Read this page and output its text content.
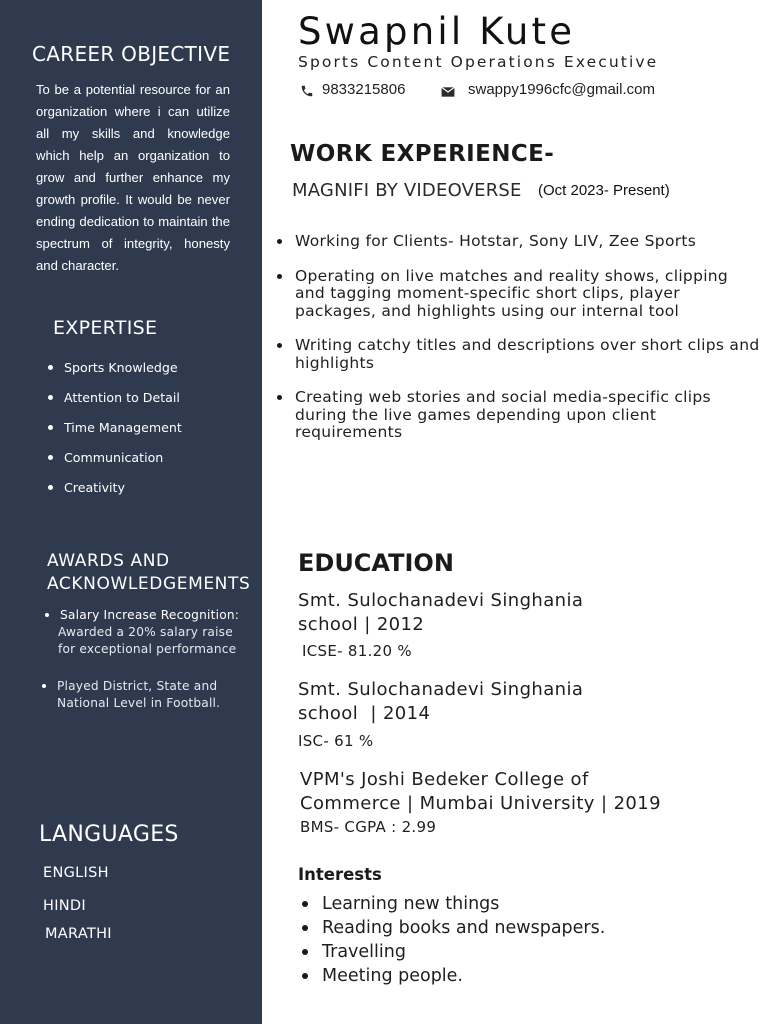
CAREER OBJECTIVE

To be a potential resource for an organization where i can utilize all my skills and knowledge which help an organization to grow and further enhance my growth profile. It would be never ending dedication to maintain the spectrum of integrity, honesty and character.

EXPERTISE
Sports Knowledge
Attention to Detail
Time Management
Communication
Creativity
AWARDS AND
ACKNOWLEDGEMENTS
Salary Increase Recognition:
Awarded a 20% salary raise for exceptional performance
Played District, State and National Level in Football.
LANGUAGES
ENGLISH
HINDI
MARATHI
Swapnil Kute
Sports Content Operations Executive
9833215806	swappy1996cfc@gmail.com
WORK EXPERIENCE-
MAGNIFI BY VIDEOVERSE (Oct 2023- Present)
Working for Clients- Hotstar, Sony LIV, Zee Sports
Operating on live matches and reality shows, clipping and tagging moment-specific short clips, player packages, and highlights using our internal tool
Writing catchy titles and descriptions over short clips and highlights
Creating web stories and social media-specific clips during the live games depending upon client requirements
EDUCATION
Smt. Sulochanadevi Singhania
school | 2012
ICSE- 81.20 %
Smt. Sulochanadevi Singhania
school  | 2014
ISC- 61 %
VPM's Joshi Bedeker College of
Commerce | Mumbai University | 2019
BMS- CGPA : 2.99
Interests
Learning new things
Reading books and newspapers.
Travelling
Meeting people.
